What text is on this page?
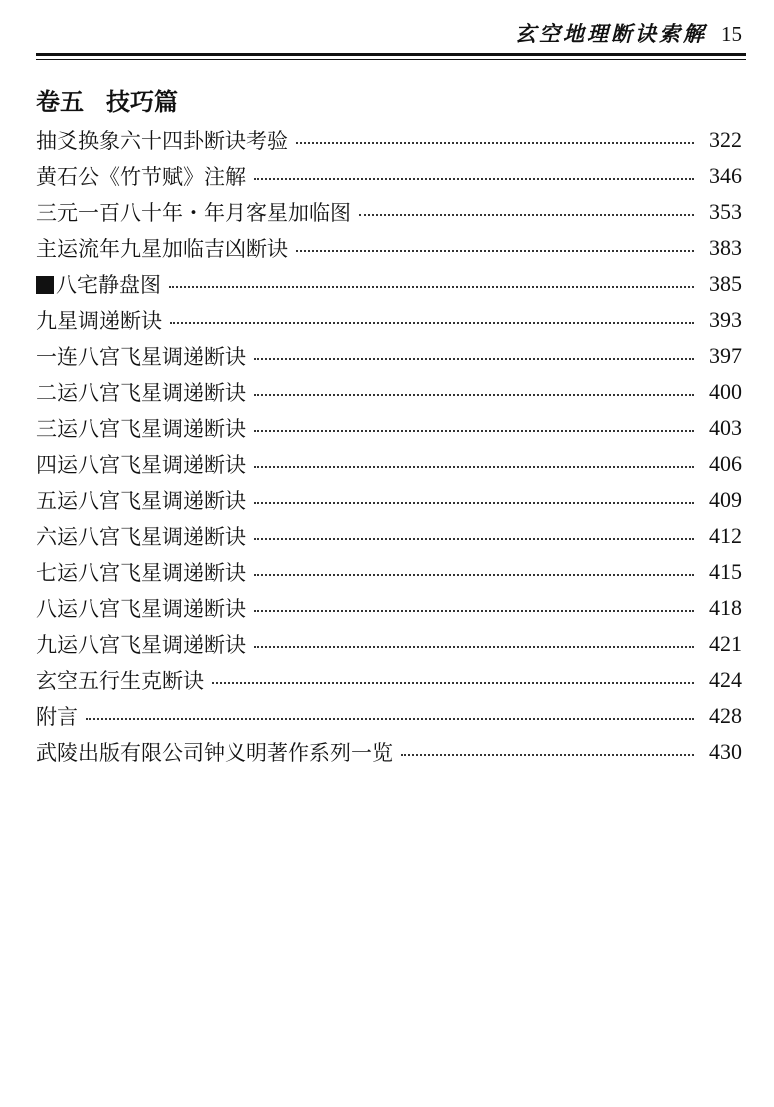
玄空地理断诀索解 15
卷五 技巧篇
抽爻换象六十四卦断诀考验	322
黄石公《竹节赋》注解	346
三元一百八十年・年月客星加临图	353
主运流年九星加临吉凶断诀	383
八宅静盘图	385
九星调递断诀	393
一连八宫飞星调递断诀	397
二运八宫飞星调递断诀	400
三运八宫飞星调递断诀	403
四运八宫飞星调递断诀	406
五运八宫飞星调递断诀	409
六运八宫飞星调递断诀	412
七运八宫飞星调递断诀	415
八运八宫飞星调递断诀	418
九运八宫飞星调递断诀	421
玄空五行生克断诀	424
附言	428
武陵出版有限公司钟义明著作系列一览	430
